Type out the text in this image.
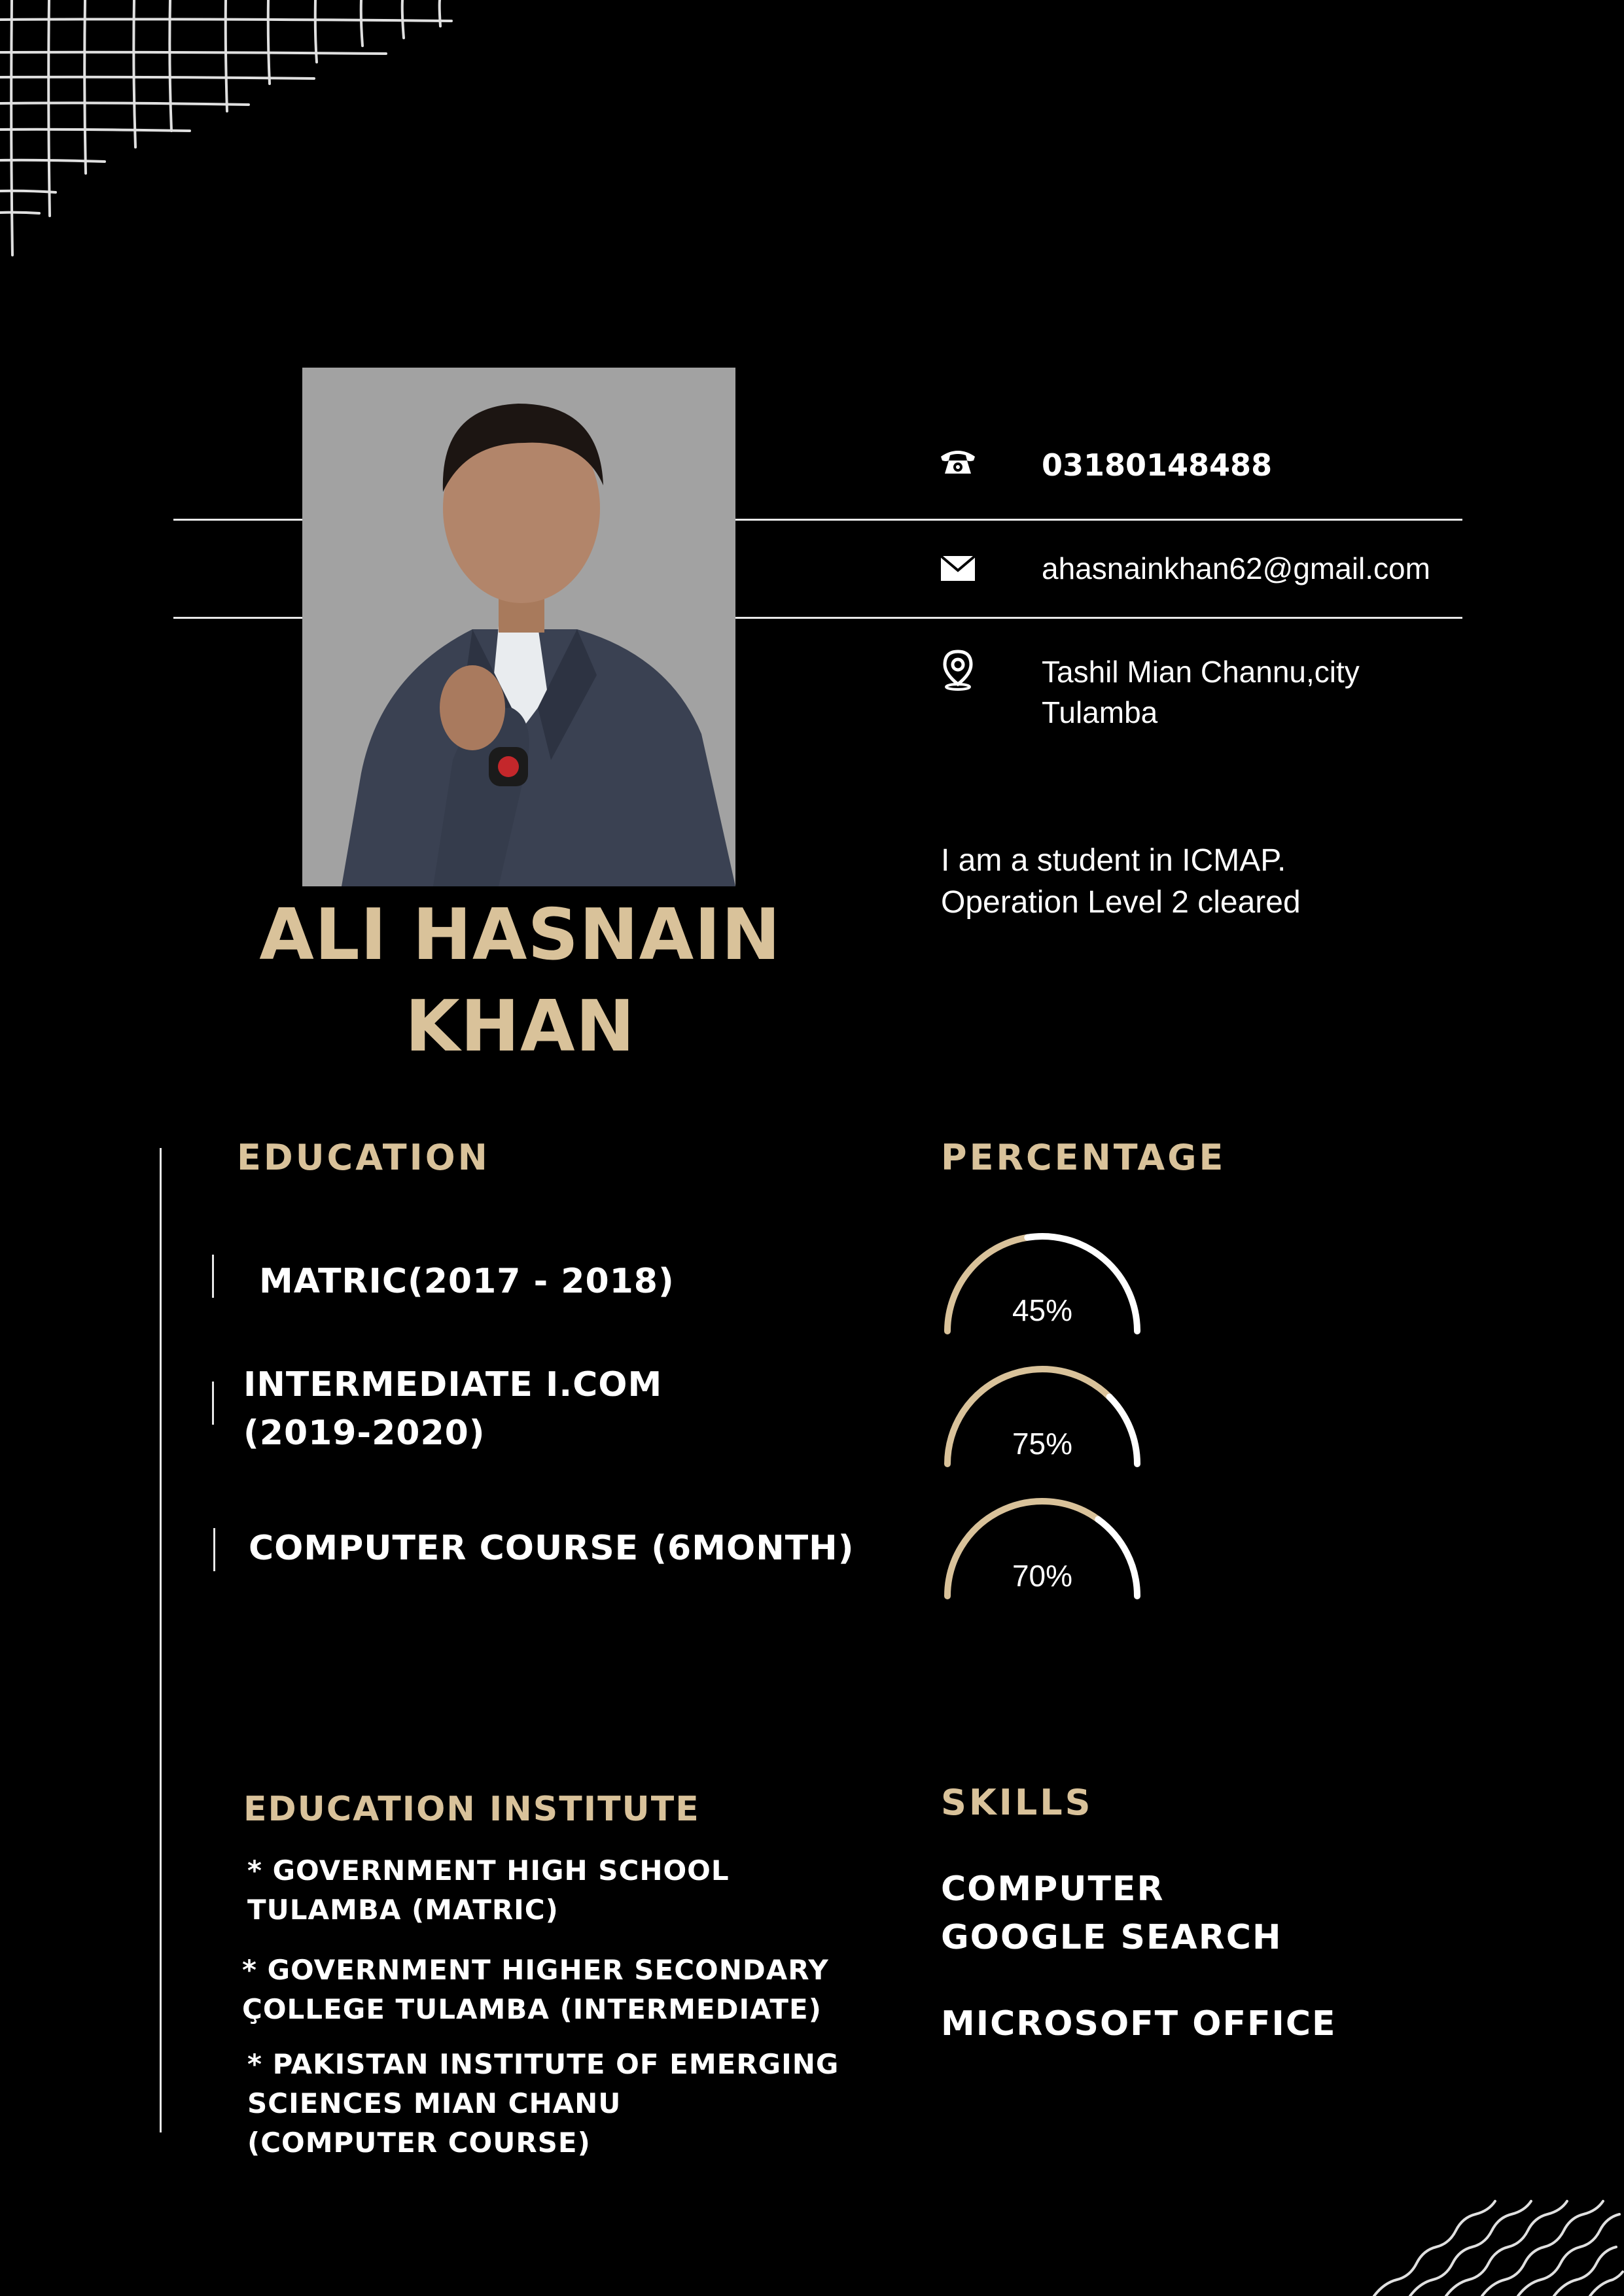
ALI HASNAIN
KHAN
03180148488
ahasnainkhan62@gmail.com
Tashil Mian Channu,city
Tulamba
I am a student in ICMAP.
Operation Level 2 cleared
EDUCATION
MATRIC(2017 - 2018)
INTERMEDIATE I.COM
(2019-2020)
COMPUTER COURSE (6MONTH)
PERCENTAGE
45%
75%
70%
EDUCATION INSTITUTE
* GOVERNMENT HIGH SCHOOL
TULAMBA (MATRIC)
* GOVERNMENT HIGHER SECONDARY
ÇOLLEGE TULAMBA (INTERMEDIATE)
* PAKISTAN INSTITUTE OF EMERGING
SCIENCES MIAN CHANU
(COMPUTER COURSE)
SKILLS
COMPUTER
GOOGLE SEARCH
MICROSOFT OFFICE
